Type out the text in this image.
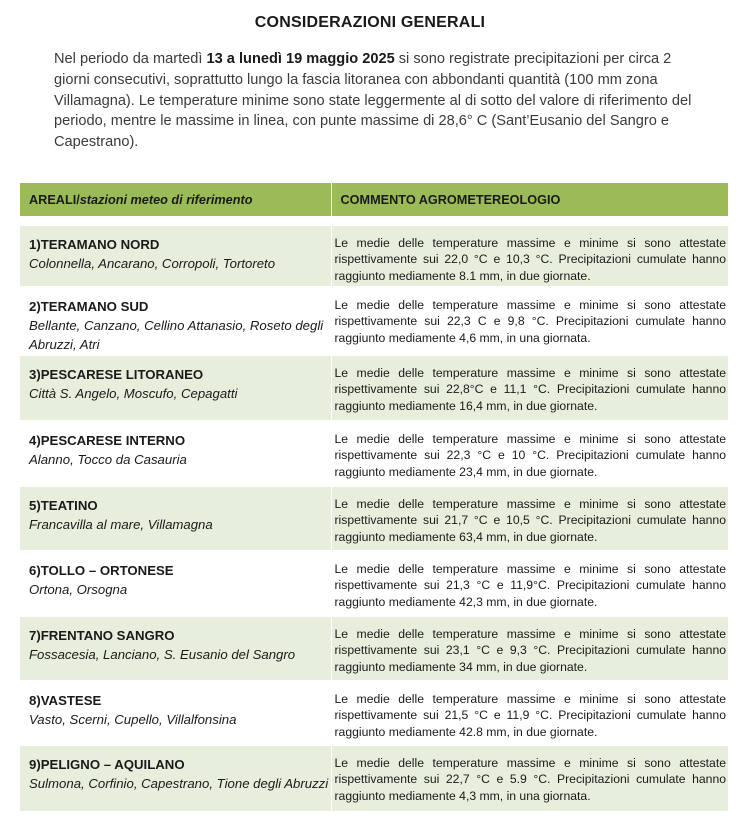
CONSIDERAZIONI GENERALI
Nel periodo da martedì 13 a lunedì 19 maggio 2025 si sono registrate precipitazioni per circa 2 giorni consecutivi, soprattutto lungo la fascia litoranea con abbondanti quantità (100 mm zona Villamagna). Le temperature minime sono state leggermente al di sotto del valore di riferimento del periodo, mentre le massime in linea, con punte massime di 28,6° C (Sant’Eusanio del Sangro e Capestrano).
AREALI/stazioni meteo di riferimento	COMMENTO AGROMETEREOLOGIO

1)TERAMANO NORD
Colonnella, Ancarano, Corropoli, Tortoreto	Le medie delle temperature massime e minime si sono attestate rispettivamente sui 22,0 °C e 10,3 °C. Precipitazioni cumulate hanno raggiunto mediamente 8.1 mm, in due giornate.

2)TERAMANO SUD
Bellante, Canzano, Cellino Attanasio, Roseto degli Abruzzi, Atri	Le medie delle temperature massime e minime si sono attestate rispettivamente sui 22,3 C e 9,8 °C. Precipitazioni cumulate hanno raggiunto mediamente 4,6 mm, in una giornata.

3)PESCARESE LITORANEO
Città S. Angelo, Moscufo, Cepagatti	Le medie delle temperature massime e minime si sono attestate rispettivamente sui 22,8°C e 11,1 °C. Precipitazioni cumulate hanno raggiunto mediamente 16,4 mm, in due giornate.

4)PESCARESE INTERNO
Alanno, Tocco da Casauria	Le medie delle temperature massime e minime si sono attestate rispettivamente sui 22,3 °C e 10 °C. Precipitazioni cumulate hanno raggiunto mediamente 23,4 mm, in due giornate.

5)TEATINO
Francavilla al mare, Villamagna	Le medie delle temperature massime e minime si sono attestate rispettivamente sui 21,7 °C e 10,5 °C. Precipitazioni cumulate hanno raggiunto mediamente 63,4 mm, in due giornate.

6)TOLLO – ORTONESE
Ortona, Orsogna	Le medie delle temperature massime e minime si sono attestate rispettivamente sui 21,3 °C e 11,9°C. Precipitazioni cumulate hanno raggiunto mediamente 42,3 mm, in due giornate.

7)FRENTANO SANGRO
Fossacesia, Lanciano, S. Eusanio del Sangro	Le medie delle temperature massime e minime si sono attestate rispettivamente sui 23,1 °C e 9,3 °C. Precipitazioni cumulate hanno raggiunto mediamente 34 mm, in due giornate.

8)VASTESE
Vasto, Scerni, Cupello, Villalfonsina	Le medie delle temperature massime e minime si sono attestate rispettivamente sui 21,5 °C e 11,9 °C. Precipitazioni cumulate hanno raggiunto mediamente 42.8 mm, in due giornate.

9)PELIGNO – AQUILANO
Sulmona, Corfinio, Capestrano, Tione degli Abruzzi	Le medie delle temperature massime e minime si sono attestate rispettivamente sui 22,7 °C e 5.9 °C. Precipitazioni cumulate hanno raggiunto mediamente 4,3 mm, in una giornata.
